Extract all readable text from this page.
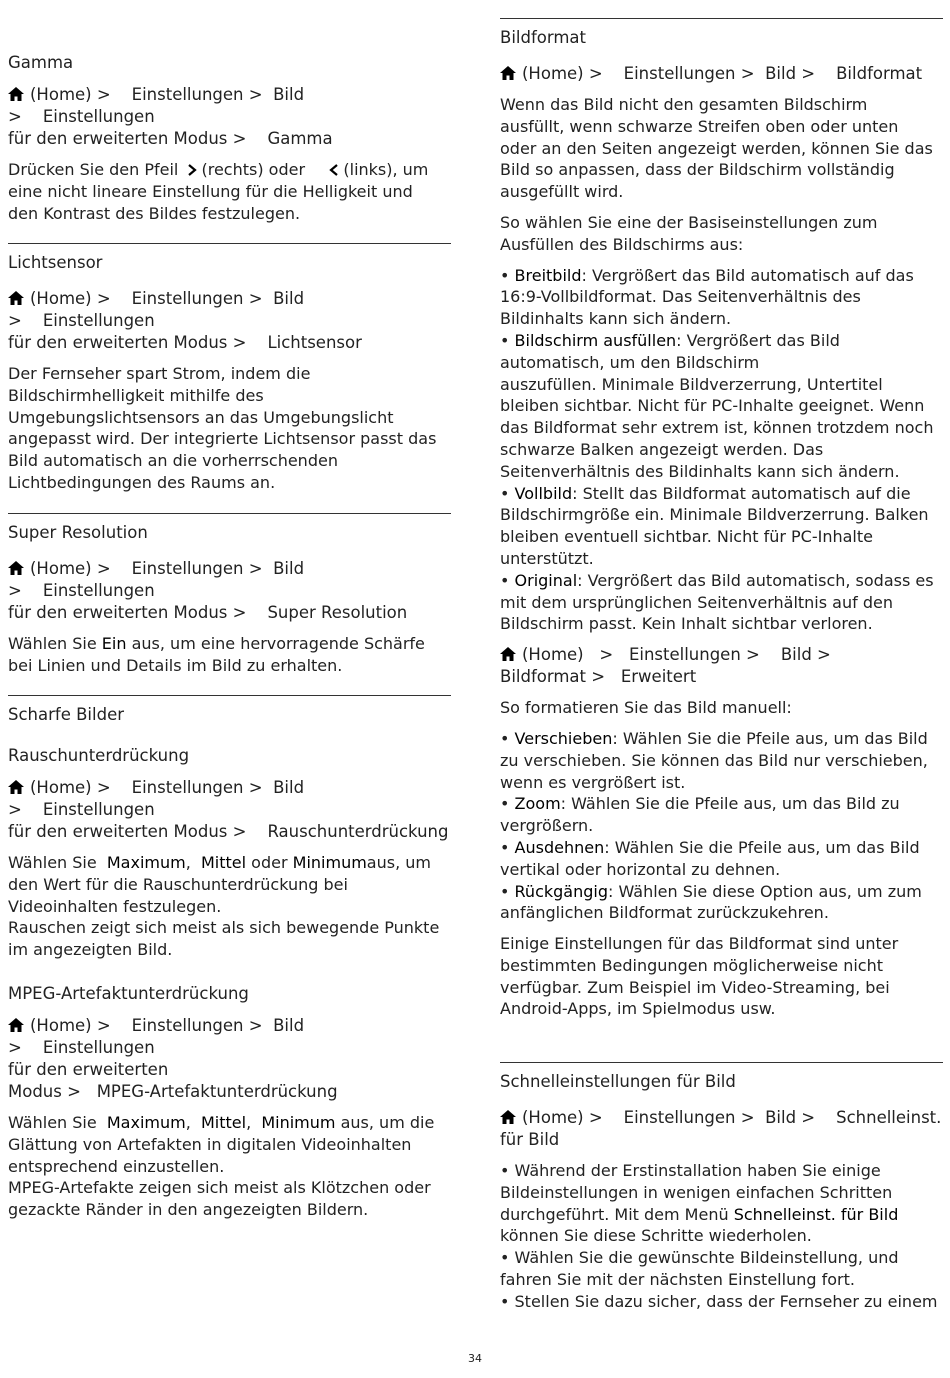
Gamma
(Home) > Einstellungen > Bild > Einstellungen
für den erweiterten Modus > Gamma

Drücken Sie den Pfeil (rechts) oder (links), um
eine nicht lineare Einstellung für die Helligkeit und
den Kontrast des Bildes festzulegen.

Lichtsensor
(Home) > Einstellungen > Bild > Einstellungen
für den erweiterten Modus > Lichtsensor

Der Fernseher spart Strom, indem die
Bildschirmhelligkeit mithilfe des
Umgebungslichtsensors an das Umgebungslicht
angepasst wird. Der integrierte Lichtsensor passt das
Bild automatisch an die vorherrschenden
Lichtbedingungen des Raums an.

Super Resolution
(Home) > Einstellungen > Bild > Einstellungen
für den erweiterten Modus > Super Resolution

Wählen Sie Ein aus, um eine hervorragende Schärfe
bei Linien und Details im Bild zu erhalten.

Scharfe Bilder
Rauschunterdrückung
(Home) > Einstellungen > Bild > Einstellungen
für den erweiterten Modus > Rauschunterdrückung

Wählen Sie Maximum, Mittel oder Minimumaus, um
den Wert für die Rauschunterdrückung bei
Videoinhalten festzulegen.
Rauschen zeigt sich meist als sich bewegende Punkte
im angezeigten Bild.

MPEG-Artefaktunterdrückung
(Home) > Einstellungen > Bild > Einstellungen
für den erweiterten
Modus > MPEG-Artefaktunterdrückung

Wählen Sie Maximum, Mittel, Minimum aus, um die
Glättung von Artefakten in digitalen Videoinhalten
entsprechend einzustellen.
MPEG-Artefakte zeigen sich meist als Klötzchen oder
gezackte Ränder in den angezeigten Bildern.

Bildformat
(Home) > Einstellungen > Bild > Bildformat

Wenn das Bild nicht den gesamten Bildschirm
ausfüllt, wenn schwarze Streifen oben oder unten
oder an den Seiten angezeigt werden, können Sie das
Bild so anpassen, dass der Bildschirm vollständig
ausgefüllt wird.

So wählen Sie eine der Basiseinstellungen zum
Ausfüllen des Bildschirms aus:

• Breitbild: Vergrößert das Bild automatisch auf das
16:9-Vollbildformat. Das Seitenverhältnis des
Bildinhalts kann sich ändern.
• Bildschirm ausfüllen: Vergrößert das Bild
automatisch, um den Bildschirm
auszufüllen. Minimale Bildverzerrung, Untertitel
bleiben sichtbar. Nicht für PC-Inhalte geeignet. Wenn
das Bildformat sehr extrem ist, können trotzdem noch
schwarze Balken angezeigt werden. Das
Seitenverhältnis des Bildinhalts kann sich ändern.
• Vollbild: Stellt das Bildformat automatisch auf die
Bildschirmgröße ein. Minimale Bildverzerrung. Balken
bleiben eventuell sichtbar. Nicht für PC-Inhalte
unterstützt.
• Original: Vergrößert das Bild automatisch, sodass es
mit dem ursprünglichen Seitenverhältnis auf den
Bildschirm passt. Kein Inhalt sichtbar verloren.

(Home) > Einstellungen > Bild >
Bildformat > Erweitert

So formatieren Sie das Bild manuell:

• Verschieben: Wählen Sie die Pfeile aus, um das Bild
zu verschieben. Sie können das Bild nur verschieben,
wenn es vergrößert ist.
• Zoom: Wählen Sie die Pfeile aus, um das Bild zu
vergrößern.
• Ausdehnen: Wählen Sie die Pfeile aus, um das Bild
vertikal oder horizontal zu dehnen.
• Rückgängig: Wählen Sie diese Option aus, um zum
anfänglichen Bildformat zurückzukehren.

Einige Einstellungen für das Bildformat sind unter
bestimmten Bedingungen möglicherweise nicht
verfügbar. Zum Beispiel im Video-Streaming, bei
Android-Apps, im Spielmodus usw.

Schnelleinstellungen für Bild
(Home) > Einstellungen > Bild > Schnelleinst.
für Bild

• Während der Erstinstallation haben Sie einige
Bildeinstellungen in wenigen einfachen Schritten
durchgeführt. Mit dem Menü Schnelleinst. für Bild
können Sie diese Schritte wiederholen.
• Wählen Sie die gewünschte Bildeinstellung, und
fahren Sie mit der nächsten Einstellung fort.
• Stellen Sie dazu sicher, dass der Fernseher zu einem

34
